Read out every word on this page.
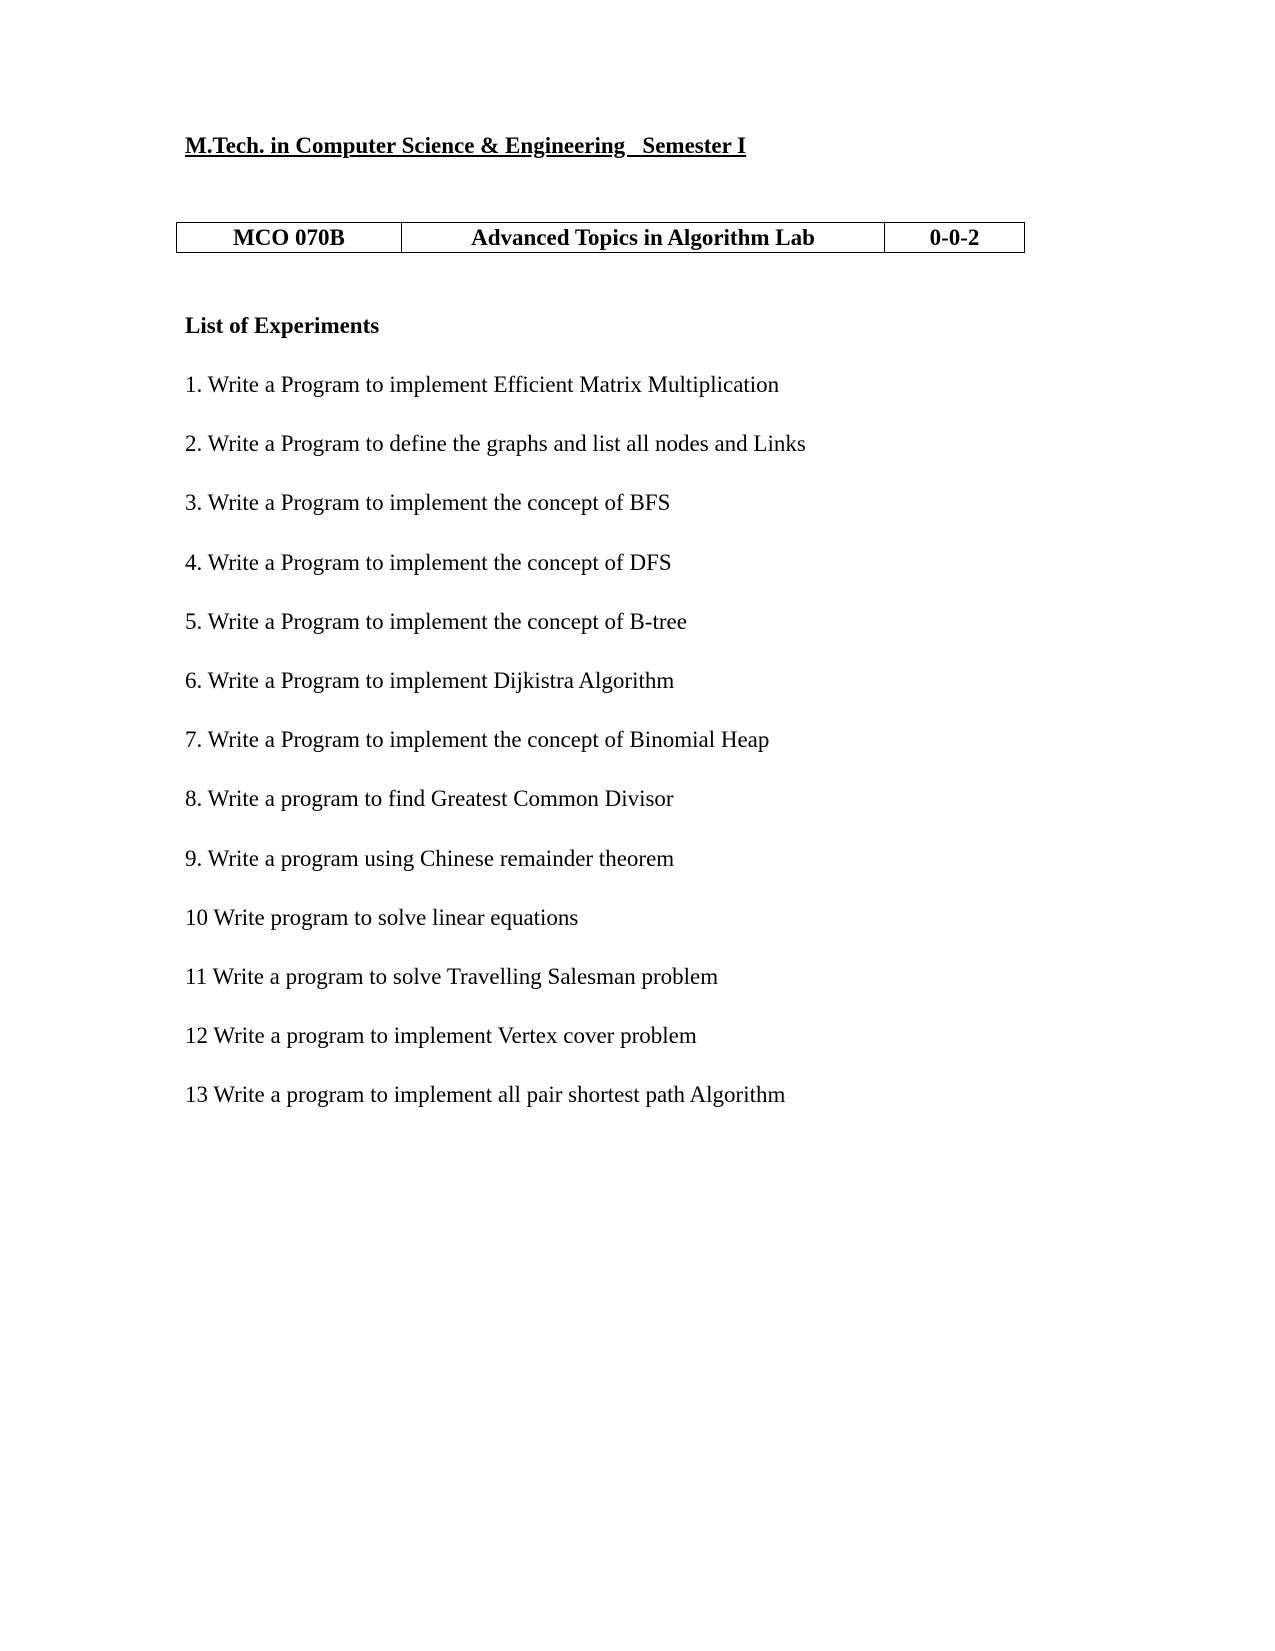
M.Tech. in Computer Science & Engineering   Semester I
MCO 070B	Advanced Topics in Algorithm Lab	0-0-2
List of Experiments
1. Write a Program to implement Efficient Matrix Multiplication
2. Write a Program to define the graphs and list all nodes and Links
3. Write a Program to implement the concept of BFS
4. Write a Program to implement the concept of DFS
5. Write a Program to implement the concept of B-tree
6. Write a Program to implement Dijkistra Algorithm
7. Write a Program to implement the concept of Binomial Heap
8. Write a program to find Greatest Common Divisor
9. Write a program using Chinese remainder theorem
10 Write program to solve linear equations
11 Write a program to solve Travelling Salesman problem
12 Write a program to implement Vertex cover problem
13 Write a program to implement all pair shortest path Algorithm
